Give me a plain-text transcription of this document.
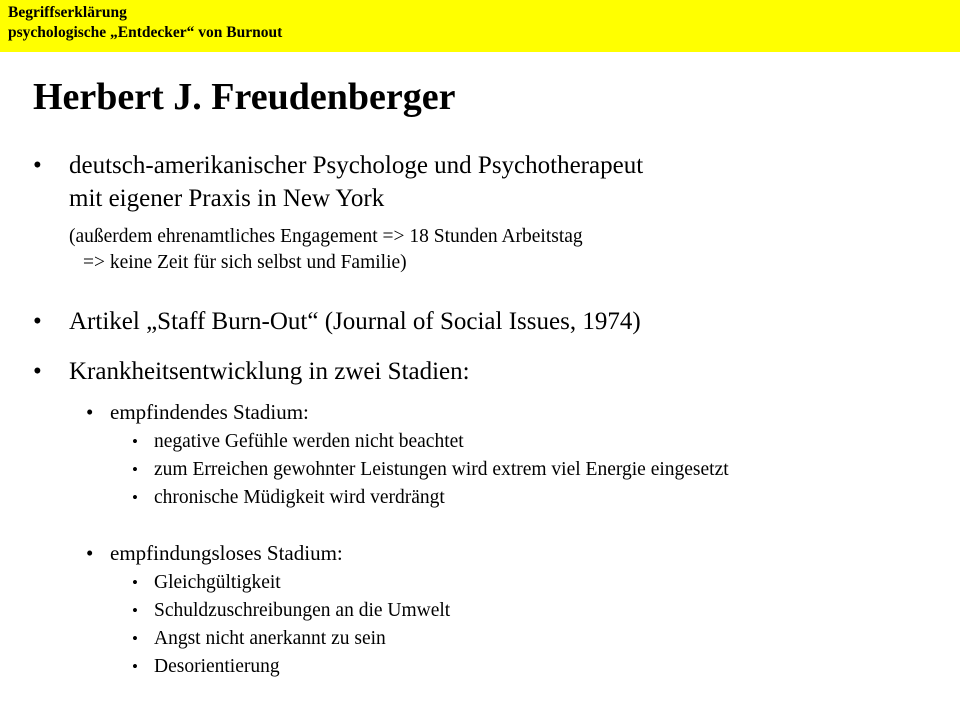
Begriffserklärung
psychologische „Entdecker“ von Burnout
Herbert J. Freudenberger
• deutsch-amerikanischer Psychologe und Psychotherapeut
mit eigener Praxis in New York
(außerdem ehrenamtliches Engagement => 18 Stunden Arbeitstag
=> keine Zeit für sich selbst und Familie)
• Artikel „Staff Burn-Out“ (Journal of Social Issues, 1974)
• Krankheitsentwicklung in zwei Stadien:
• empfindendes Stadium:
• negative Gefühle werden nicht beachtet
• zum Erreichen gewohnter Leistungen wird extrem viel Energie eingesetzt
• chronische Müdigkeit wird verdrängt
• empfindungsloses Stadium:
• Gleichgültigkeit
• Schuldzuschreibungen an die Umwelt
• Angst nicht anerkannt zu sein
• Desorientierung
